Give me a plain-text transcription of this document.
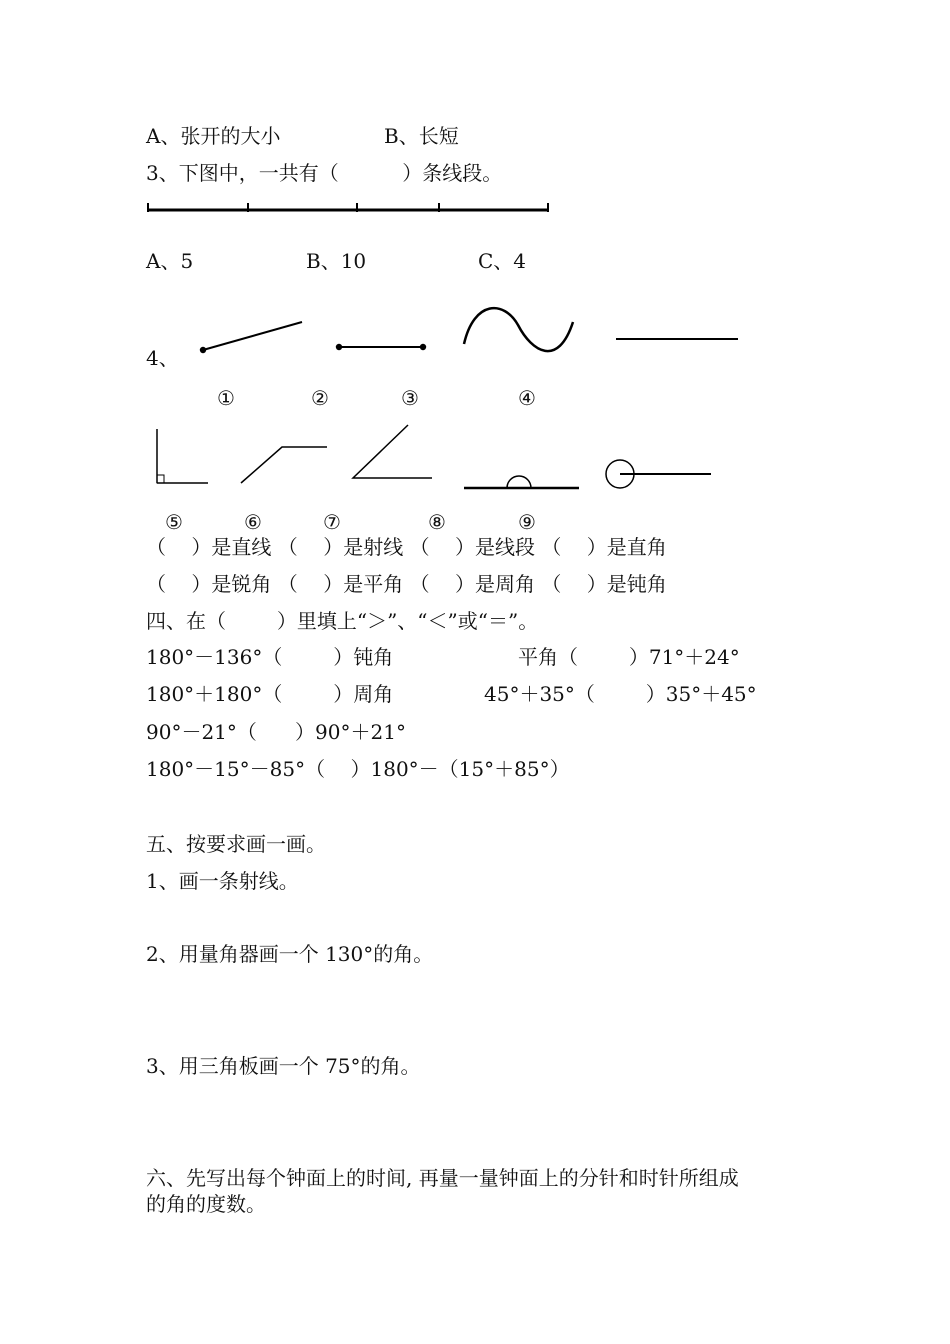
A、张开的大小	B、长短
3、下图中，一共有（          ）条线段。
A、5	B、10	C、4
4、
①	②	③	④
⑤	⑥	⑦	⑧	⑨
（    ）是直线 （    ）是射线 （    ）是线段 （    ）是直角
（    ）是锐角 （    ）是平角 （    ）是周角 （    ）是钝角
四、在（        ）里填上“＞”、“＜”或“＝”。
180°－136°（        ）钝角	平角（        ）71°＋24°
180°＋180°（        ）周角	45°＋35°（        ）35°＋45°
90°－21°（      ）90°＋21°
180°－15°－85°（    ）180°－（15°＋85°）
五、按要求画一画。
1、画一条射线。
2、用量角器画一个 130°的角。
3、用三角板画一个 75°的角。
六、先写出每个钟面上的时间, 再量一量钟面上的分针和时针所组成
的角的度数。
